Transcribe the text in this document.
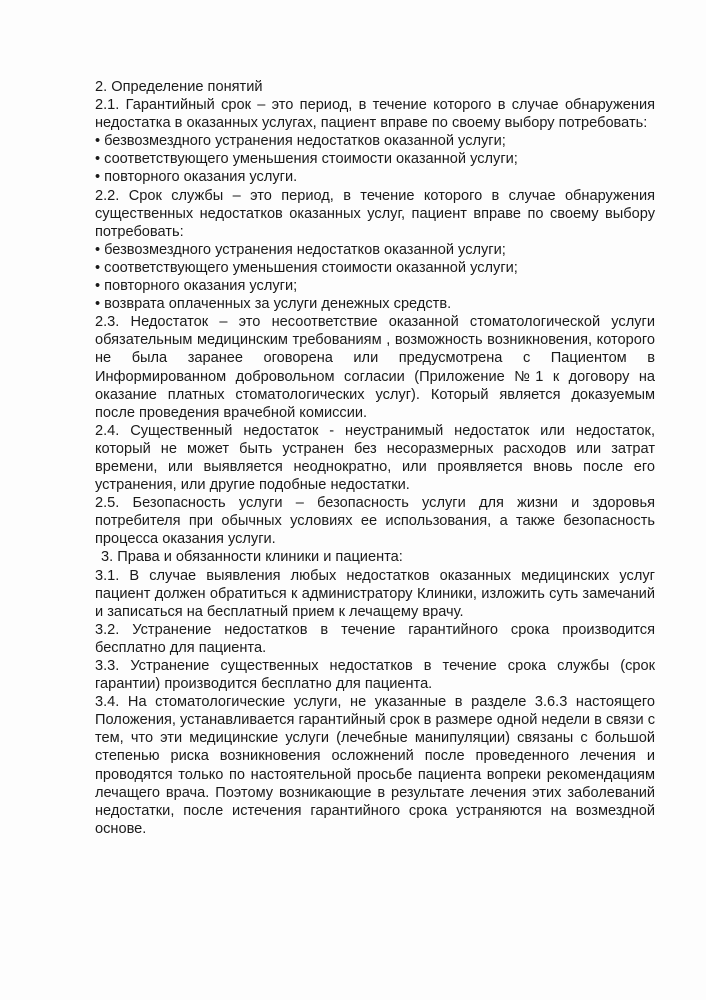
2. Определение понятий
2.1. Гарантийный срок – это период, в течение которого в случае обнаружения недостатка в оказанных услугах, пациент вправе по своему выбору потребовать:
• безвозмездного устранения недостатков оказанной услуги;
• соответствующего уменьшения стоимости оказанной услуги;
• повторного оказания услуги.
2.2. Срок службы – это период, в течение которого в случае обнаружения существенных недостатков оказанных услуг, пациент вправе по своему выбору потребовать:
• безвозмездного устранения недостатков оказанной услуги;
• соответствующего уменьшения стоимости оказанной услуги;
• повторного оказания услуги;
• возврата оплаченных за услуги денежных средств.
2.3. Недостаток – это несоответствие оказанной стоматологической услуги обязательным медицинским требованиям , возможность возникновения, которого не была заранее оговорена или предусмотрена с Пациентом в Информированном добровольном согласии (Приложение №1 к договору на оказание платных стоматологических услуг). Который является доказуемым после проведения врачебной комиссии.
2.4. Существенный недостаток - неустранимый недостаток или недостаток, который не может быть устранен без несоразмерных расходов или затрат времени, или выявляется неоднократно, или проявляется вновь после его устранения, или другие подобные недостатки.
2.5. Безопасность услуги – безопасность услуги для жизни и здоровья потребителя при обычных условиях ее использования, а также безопасность процесса оказания услуги.
3. Права и обязанности клиники и пациента:
3.1. В случае выявления любых недостатков оказанных медицинских услуг пациент должен обратиться к администратору Клиники, изложить суть замечаний и записаться на бесплатный прием к лечащему врачу.
3.2. Устранение недостатков в течение гарантийного срока производится бесплатно для пациента.
3.3. Устранение существенных недостатков в течение срока службы (срок гарантии) производится бесплатно для пациента.
3.4. На стоматологические услуги, не указанные в разделе 3.6.3 настоящего Положения, устанавливается гарантийный срок в размере одной недели в связи с тем, что эти медицинские услуги (лечебные манипуляции) связаны с большой степенью риска возникновения осложнений после проведенного лечения и проводятся только по настоятельной просьбе пациента вопреки рекомендациям лечащего врача. Поэтому возникающие в результате лечения этих заболеваний недостатки, после истечения гарантийного срока устраняются на возмездной основе.
